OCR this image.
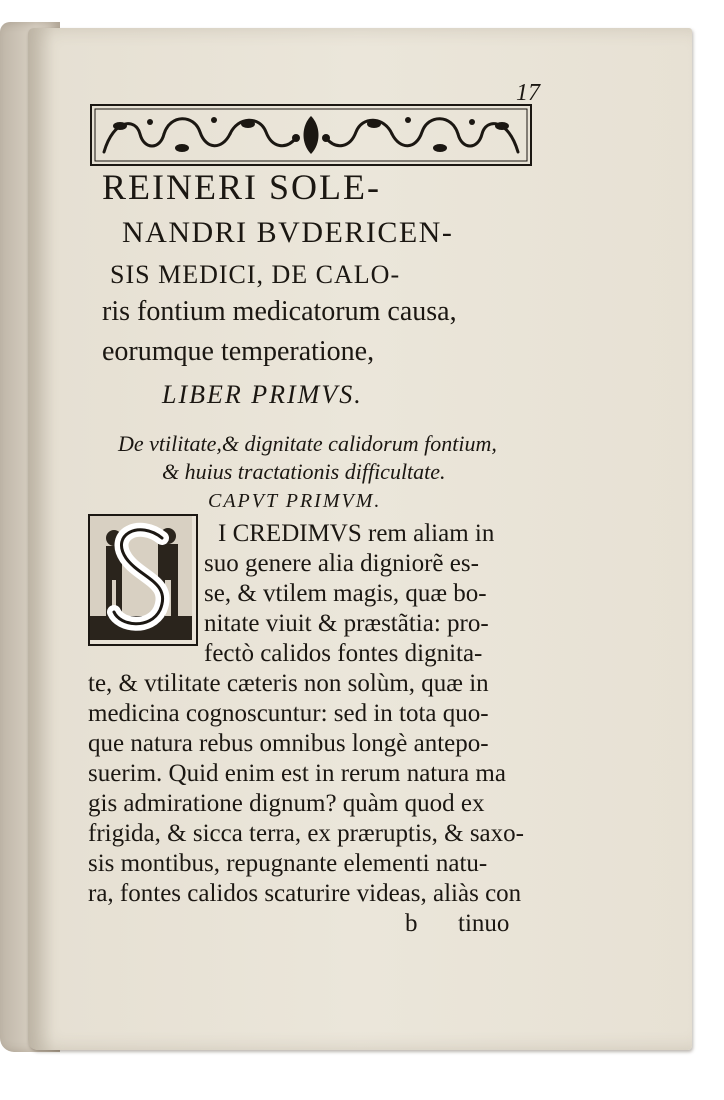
17

REINERI SOLE-

NANDRI BVDERICEN-

SIS MEDICI, DE CALO-

ris fontium medicatorum causa,

eorumque temperatione,

LIBER PRIMVS.

De vtilitate,& dignitate calidorum fontium,

& huius tractationis difficultate.

CAPVT PRIMVM.

I CREDIMVS rem aliam in

suo genere alia digniorẽ es-

se, & vtilem magis, quæ bo-

nitate viuit & præstãtia: pro-

fectò calidos fontes dignita-

te, & vtilitate cæteris non solùm, quæ in

medicina cognoscuntur: sed in tota quo-

que natura rebus omnibus longè antepo-

suerim. Quid enim est in rerum natura ma

gis admiratione dignum? quàm quod ex

frigida, & sicca terra, ex præruptis, & saxo-

sis montibus, repugnante elementi natu-

ra, fontes calidos scaturire videas, aliàs con

b tinuo
